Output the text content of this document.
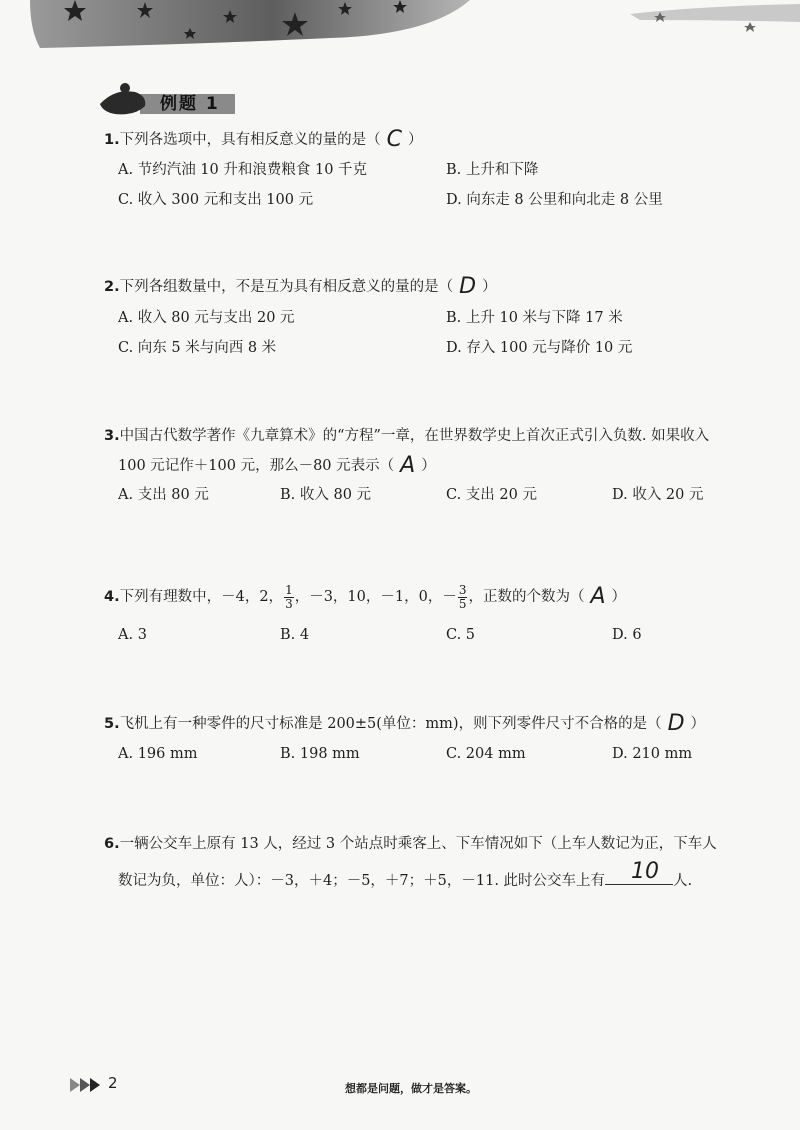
例题 1
1.下列各选项中，具有相反意义的量的是（ C ）
A. 节约汽油 10 升和浪费粮食 10 千克	B. 上升和下降
C. 收入 300 元和支出 100 元	D. 向东走 8 公里和向北走 8 公里
2.下列各组数量中，不是互为具有相反意义的量的是（ D ）
A. 收入 80 元与支出 20 元	B. 上升 10 米与下降 17 米
C. 向东 5 米与向西 8 米	D. 存入 100 元与降价 10 元
3.中国古代数学著作《九章算术》的“方程”一章，在世界数学史上首次正式引入负数. 如果收入
100 元记作＋100 元，那么－80 元表示（ A ）
A. 支出 80 元	B. 收入 80 元	C. 支出 20 元	D. 收入 20 元
4.下列有理数中，－4，2， $\frac{1}{3}$ ，－3，10，－1，0，－ $\frac{3}{5}$ ，正数的个数为（ A ）
A. 3	B. 4	C. 5	D. 6
5.飞机上有一种零件的尺寸标准是 200±5(单位：mm)，则下列零件尺寸不合格的是（ D ）
A. 196 mm	B. 198 mm	C. 204 mm	D. 210 mm
6.一辆公交车上原有 13 人，经过 3 个站点时乘客上、下车情况如下（上车人数记为正，下车人
数记为负，单位：人）：－3，＋4；－5，＋7；＋5，－11. 此时公交车上有 10 人.
2	想都是问题，做才是答案。
